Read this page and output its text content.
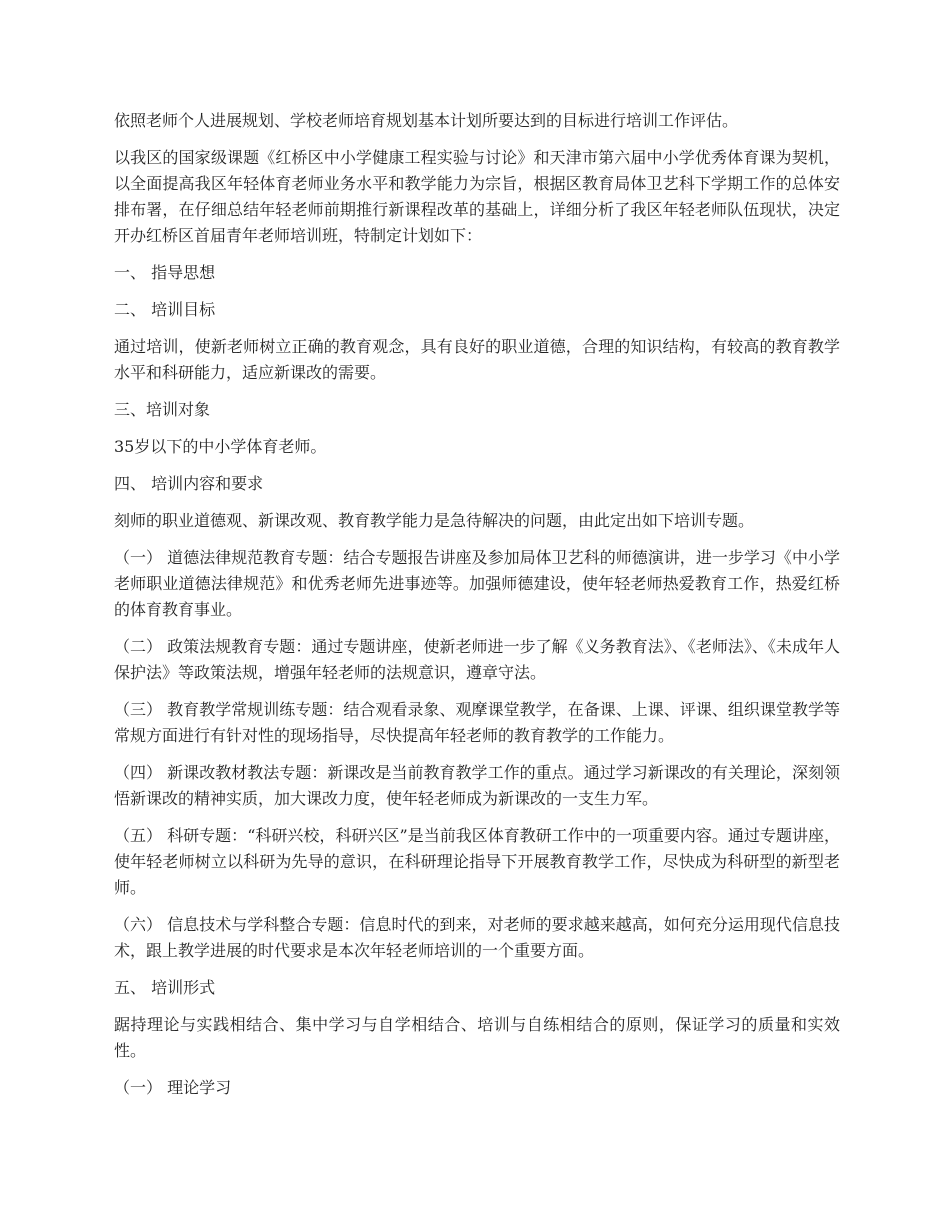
依照老师个人进展规划、学校老师培育规划基本计划所要达到的目标进行培训工作评估。

以我区的国家级课题《红桥区中小学健康工程实验与讨论》和天津市第六届中小学优秀体育课为契机，以全面提高我区年轻体育老师业务水平和教学能力为宗旨，根据区教育局体卫艺科下学期工作的总体安排布署，在仔细总结年轻老师前期推行新课程改革的基础上，详细分析了我区年轻老师队伍现状，决定开办红桥区首届青年老师培训班，特制定计划如下：

一、 指导思想

二、 培训目标

通过培训，使新老师树立正确的教育观念，具有良好的职业道德，合理的知识结构，有较高的教育教学水平和科研能力，适应新课改的需要。

三、培训对象

35岁以下的中小学体育老师。

四、 培训内容和要求

刻师的职业道德观、新课改观、教育教学能力是急待解决的问题，由此定出如下培训专题。

（一） 道德法律规范教育专题：结合专题报告讲座及参加局体卫艺科的师德演讲，进一步学习《中小学老师职业道德法律规范》和优秀老师先进事迹等。加强师德建设，使年轻老师热爱教育工作，热爱红桥的体育教育事业。

（二） 政策法规教育专题：通过专题讲座，使新老师进一步了解《义务教育法》、《老师法》、《未成年人保护法》等政策法规，增强年轻老师的法规意识，遵章守法。

（三） 教育教学常规训练专题：结合观看录象、观摩课堂教学，在备课、上课、评课、组织课堂教学等常规方面进行有针对性的现场指导，尽快提高年轻老师的教育教学的工作能力。

（四） 新课改教材教法专题：新课改是当前教育教学工作的重点。通过学习新课改的有关理论，深刻领悟新课改的精神实质，加大课改力度，使年轻老师成为新课改的一支生力军。

（五） 科研专题：“科研兴校，科研兴区”是当前我区体育教研工作中的一项重要内容。通过专题讲座，使年轻老师树立以科研为先导的意识，在科研理论指导下开展教育教学工作，尽快成为科研型的新型老师。

（六） 信息技术与学科整合专题：信息时代的到来，对老师的要求越来越高，如何充分运用现代信息技术，跟上教学进展的时代要求是本次年轻老师培训的一个重要方面。

五、 培训形式

踞持理论与实践相结合、集中学习与自学相结合、培训与自练相结合的原则，保证学习的质量和实效性。

（一） 理论学习
